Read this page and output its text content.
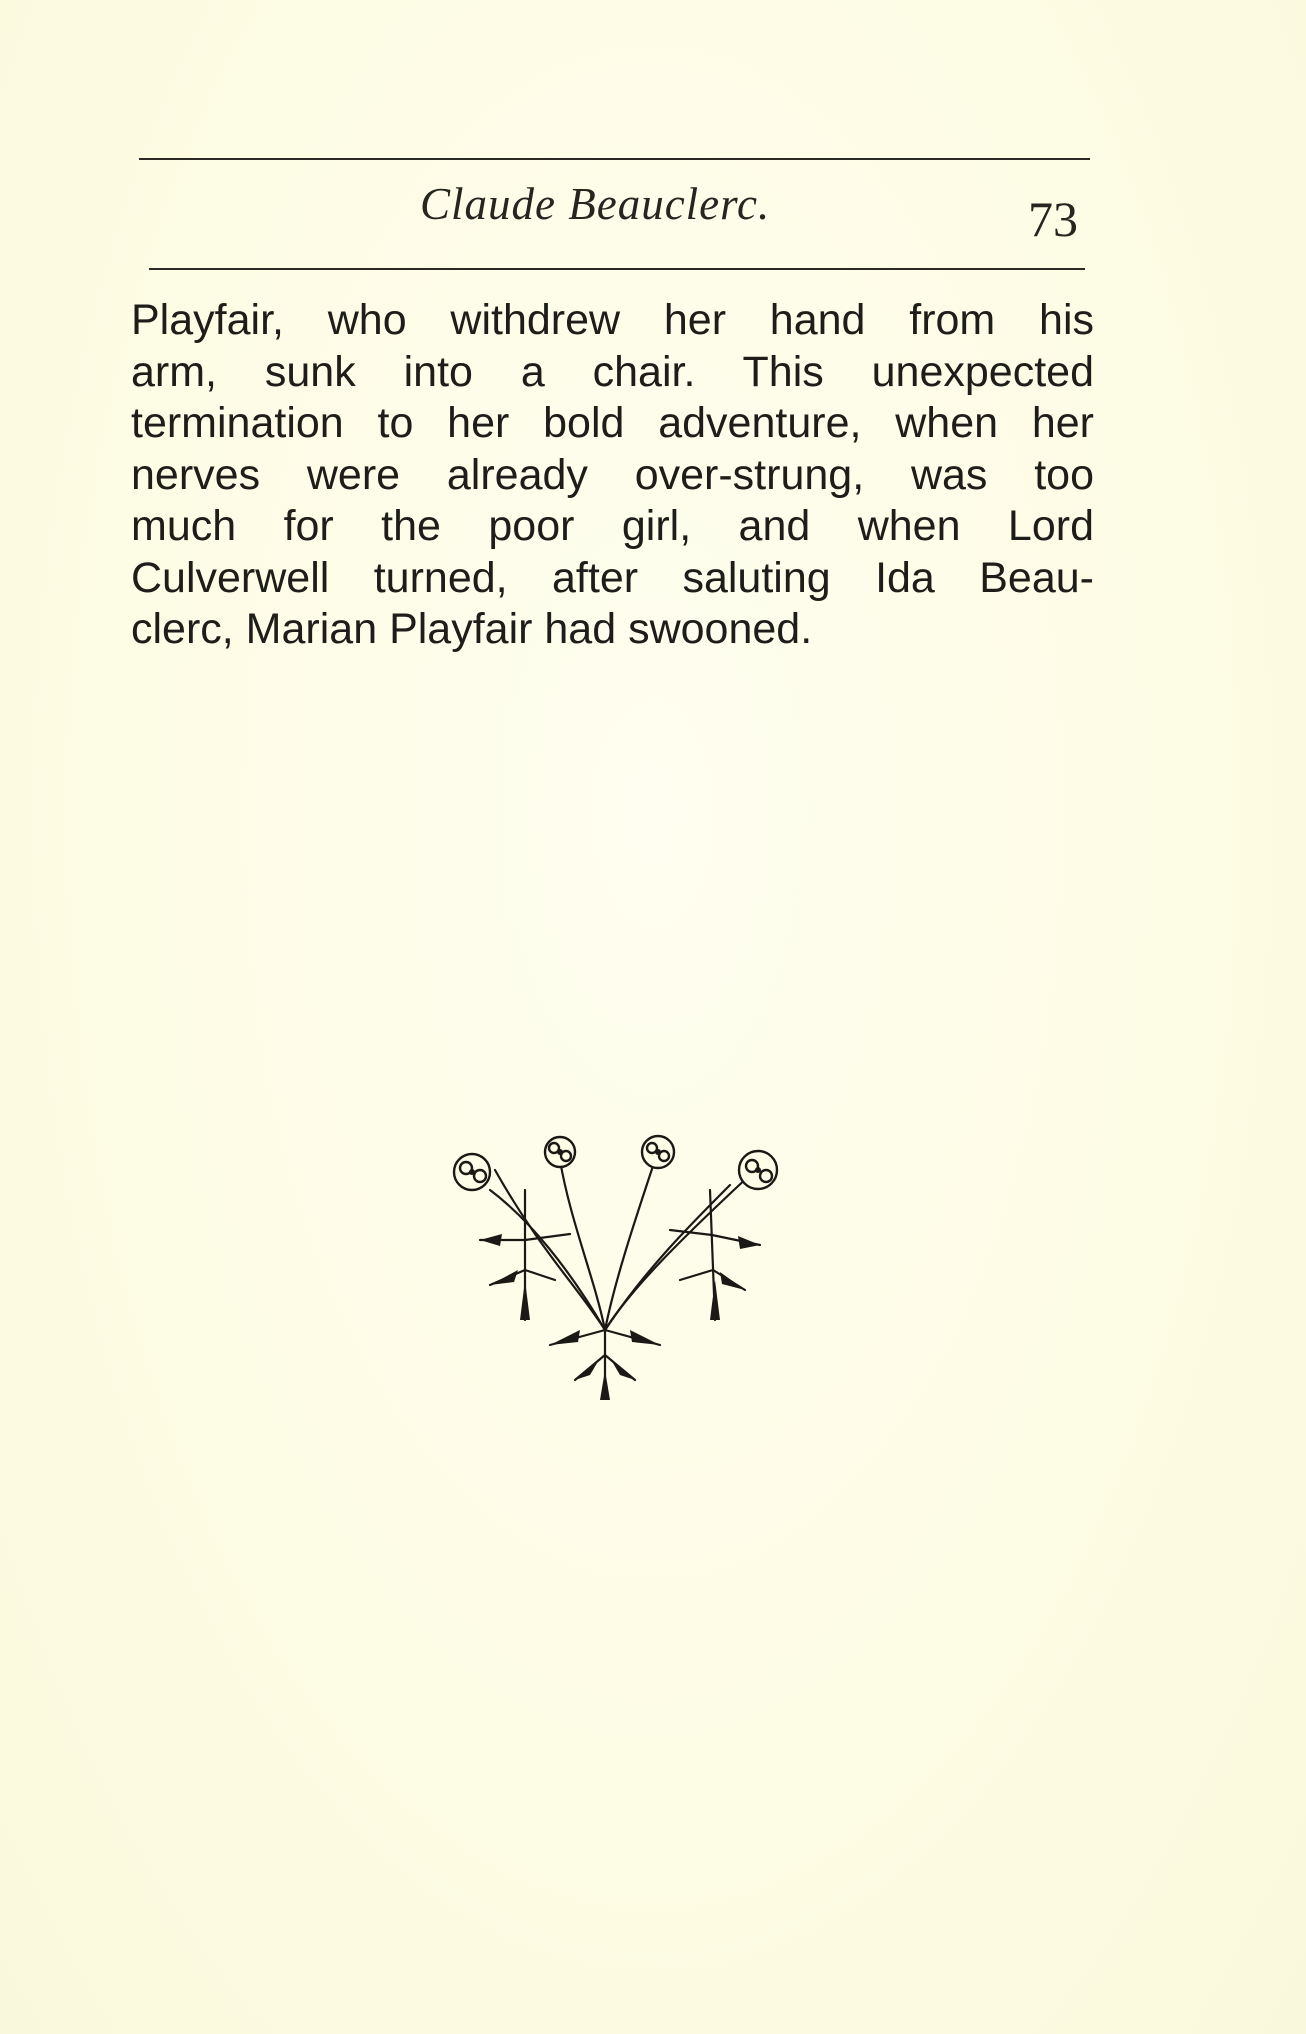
Claude Beauclerc.	73
Playfair, who withdrew her hand from his
arm, sunk into a chair. This unexpected
termination to her bold adventure, when her
nerves were already over-strung, was too
much for the poor girl, and when Lord
Culverwell turned, after saluting Ida Beau-
clerc, Marian Playfair had swooned.
